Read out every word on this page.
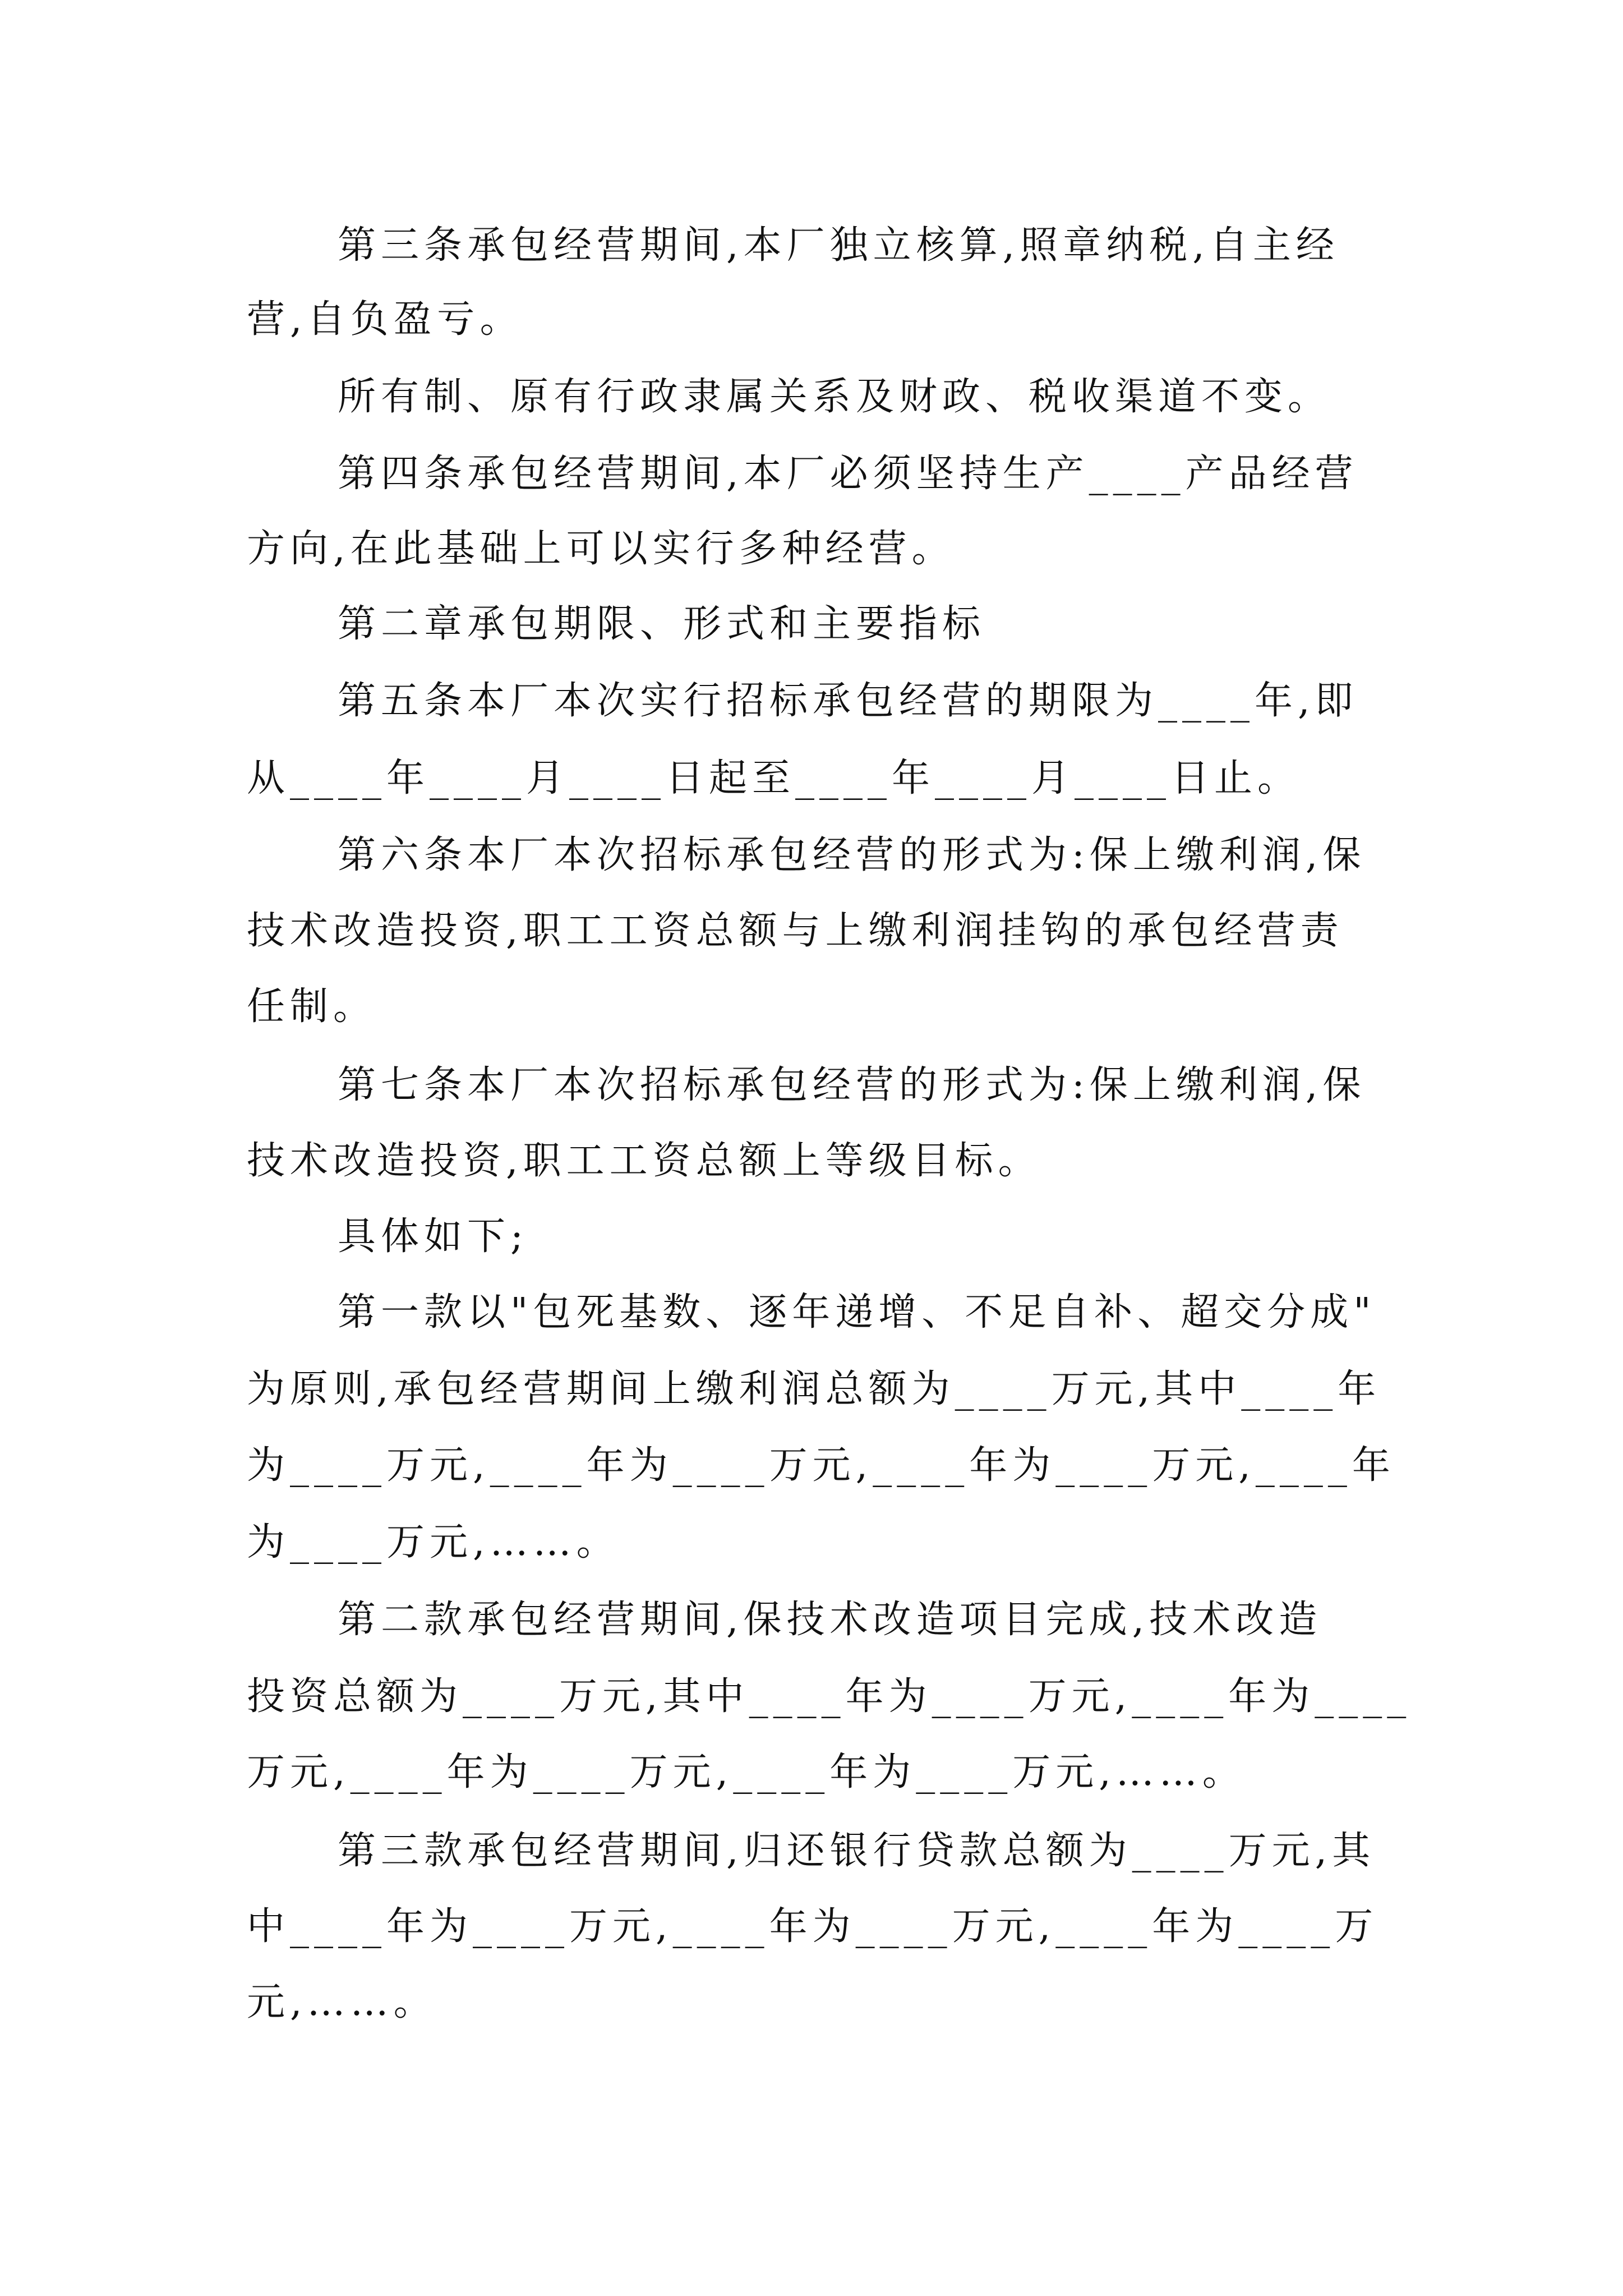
第三条承包经营期间,本厂独立核算,照章纳税,自主经
营,自负盈亏。
所有制、原有行政隶属关系及财政、税收渠道不变。
第四条承包经营期间,本厂必须坚持生产____产品经营
方向,在此基础上可以实行多种经营。
第二章承包期限、形式和主要指标
第五条本厂本次实行招标承包经营的期限为____年,即
从____年____月____日起至____年____月____日止。
第六条本厂本次招标承包经营的形式为:保上缴利润,保
技术改造投资,职工工资总额与上缴利润挂钩的承包经营责
任制。
第七条本厂本次招标承包经营的形式为:保上缴利润,保
技术改造投资,职工工资总额上等级目标。
具体如下;
第一款以"包死基数、逐年递增、不足自补、超交分成"
为原则,承包经营期间上缴利润总额为____万元,其中____年
为____万元,____年为____万元,____年为____万元,____年
为____万元,……。
第二款承包经营期间,保技术改造项目完成,技术改造
投资总额为____万元,其中____年为____万元,____年为____
万元,____年为____万元,____年为____万元,……。
第三款承包经营期间,归还银行贷款总额为____万元,其
中____年为____万元,____年为____万元,____年为____万
元,……。
